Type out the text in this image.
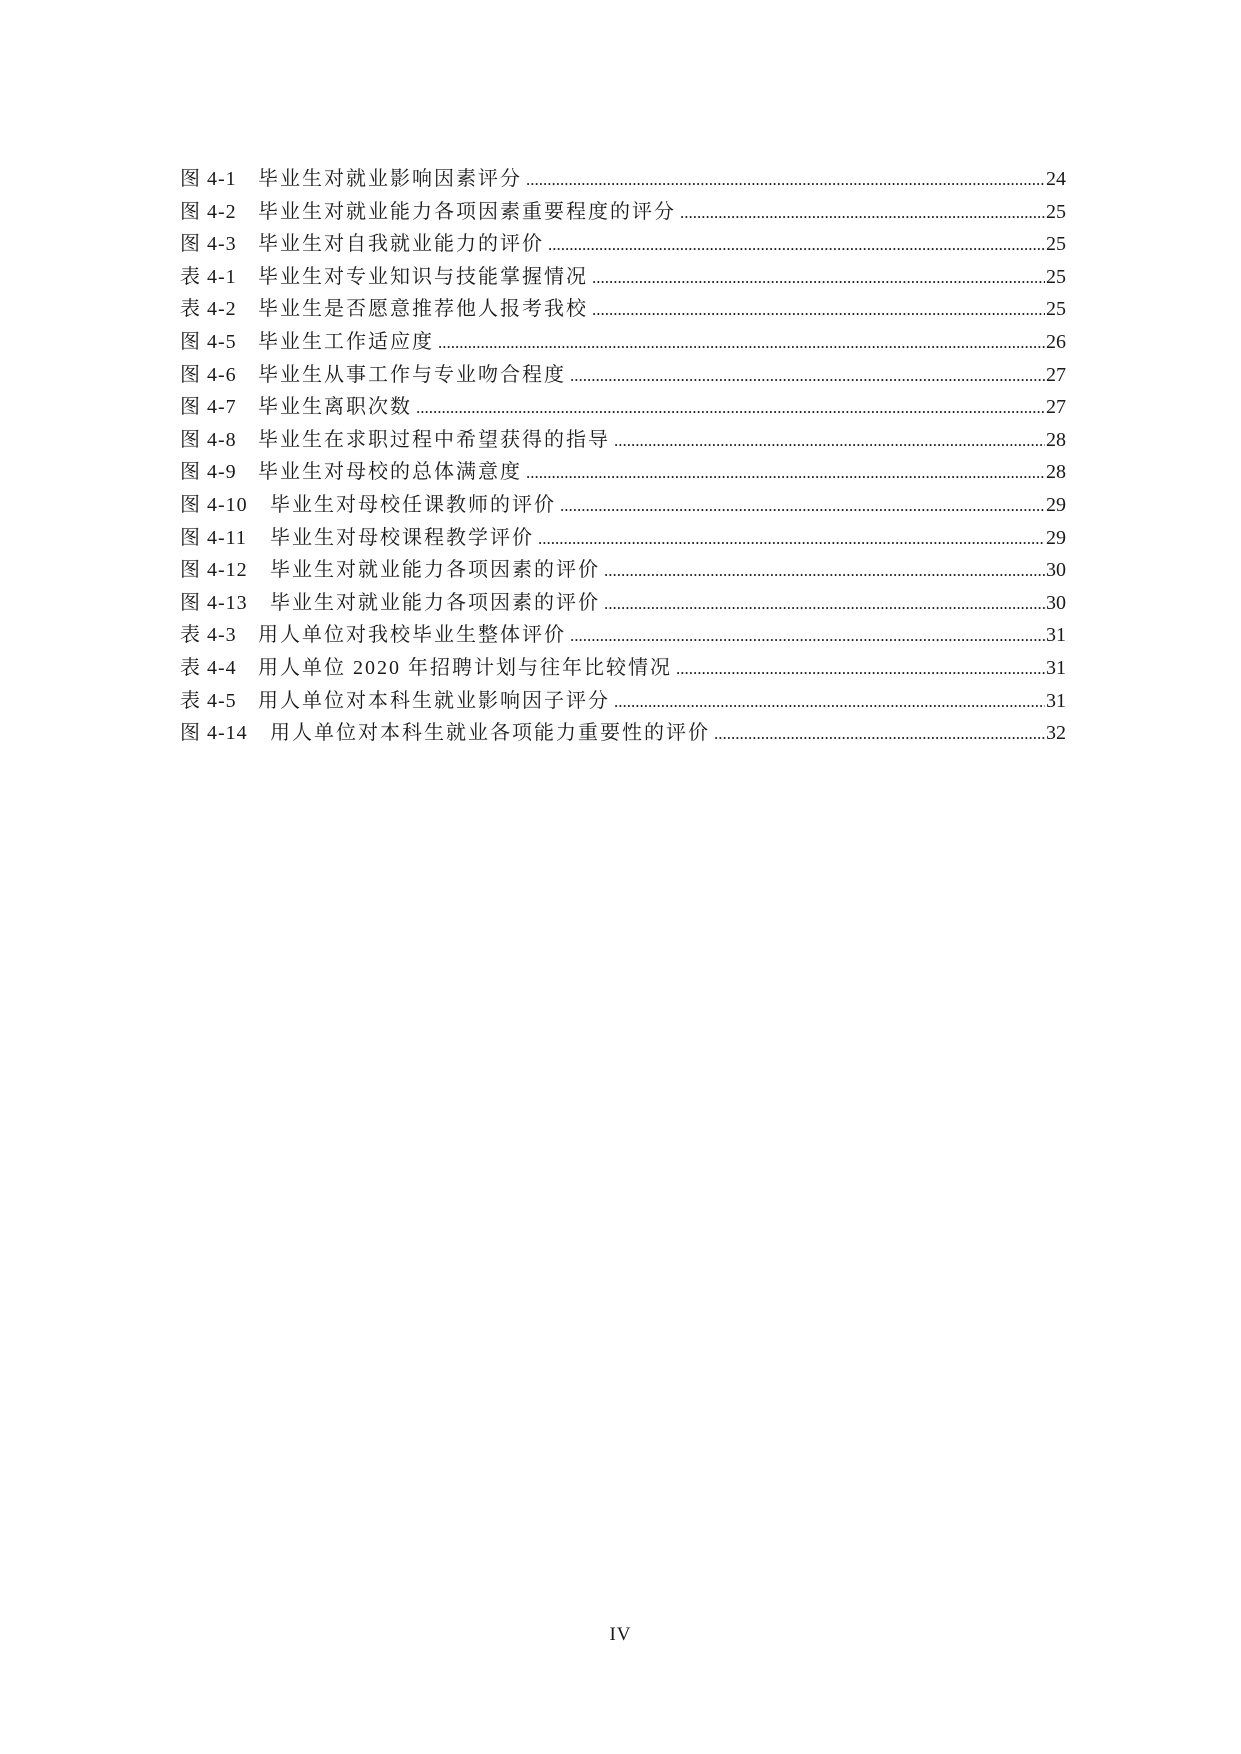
图 4-1	毕业生对就业影响因素评分 .....	24
图 4-2	毕业生对就业能力各项因素重要程度的评分 .....	25
图 4-3	毕业生对自我就业能力的评价 .....	25
表 4-1	毕业生对专业知识与技能掌握情况 .....	25
表 4-2	毕业生是否愿意推荐他人报考我校 .....	25
图 4-5	毕业生工作适应度 .....	26
图 4-6	毕业生从事工作与专业吻合程度 .....	27
图 4-7	毕业生离职次数 .....	27
图 4-8	毕业生在求职过程中希望获得的指导 .....	28
图 4-9	毕业生对母校的总体满意度 .....	28
图 4-10	毕业生对母校任课教师的评价 .....	29
图 4-11	毕业生对母校课程教学评价 .....	29
图 4-12	毕业生对就业能力各项因素的评价 .....	30
图 4-13	毕业生对就业能力各项因素的评价 .....	30
表 4-3	用人单位对我校毕业生整体评价 .....	31
表 4-4	用人单位 2020 年招聘计划与往年比较情况 .....	31
表 4-5	用人单位对本科生就业影响因子评分 .....	31
图 4-14	用人单位对本科生就业各项能力重要性的评价 .....	32
IV
